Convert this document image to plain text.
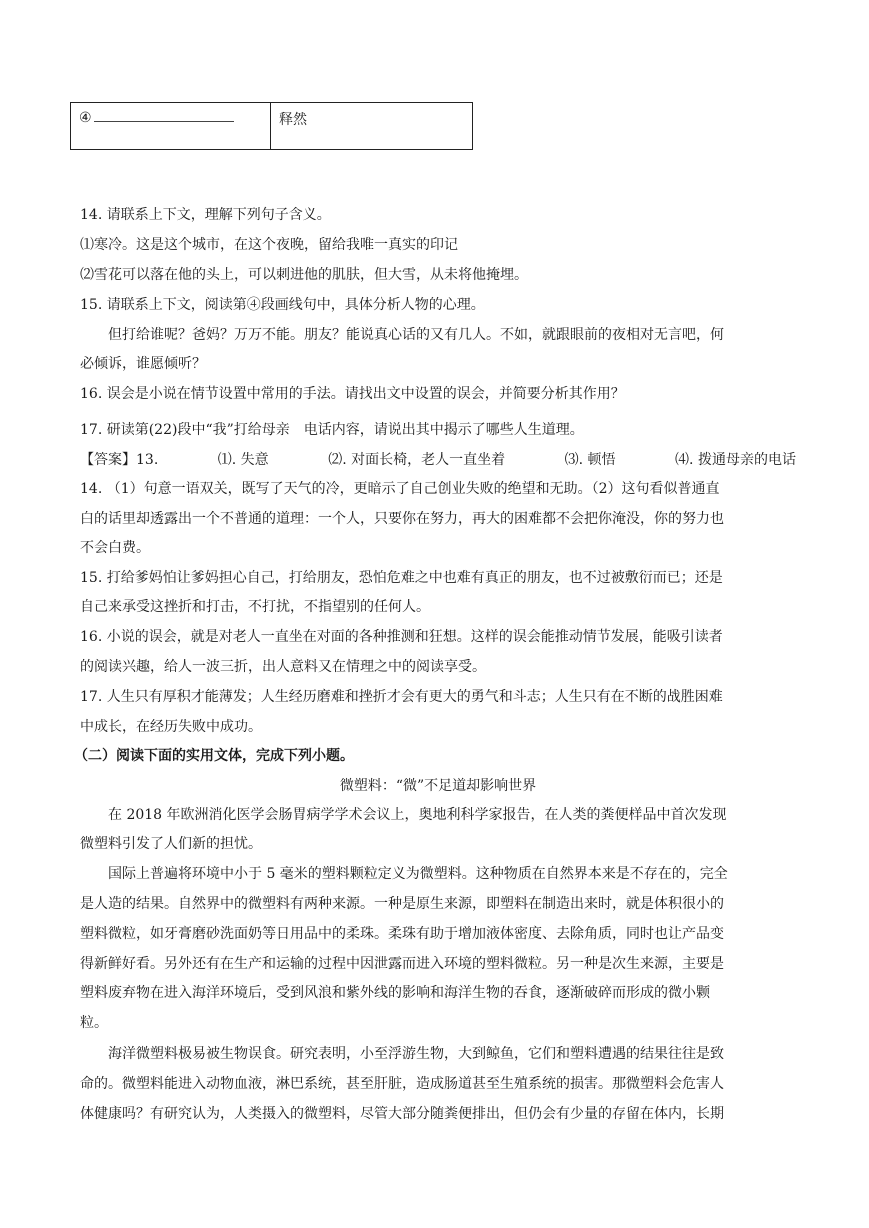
④	释然
14. 请联系上下文，理解下列句子含义。
⑴寒冷。这是这个城市，在这个夜晚，留给我唯一真实的印记
⑵雪花可以落在他的头上，可以刺进他的肌肤，但大雪，从未将他掩埋。
15. 请联系上下文，阅读第④段画线句中，具体分析人物的心理。
但打给谁呢？爸妈？万万不能。朋友？能说真心话的又有几人。不如，就跟眼前的夜相对无言吧，何
必倾诉，谁愿倾听？
16. 误会是小说在情节设置中常用的手法。请找出文中设置的误会，并简要分析其作用？
17. 研读第(22)段中“我”打给母亲　电话内容，请说出其中揭示了哪些人生道理。
【答案】13.	⑴. 失意	⑵. 对面长椅，老人一直坐着	⑶. 顿悟	⑷. 拨通母亲的电话
14. （1）句意一语双关，既写了天气的冷，更暗示了自己创业失败的绝望和无助。（2）这句看似普通直
白的话里却透露出一个不普通的道理：一个人，只要你在努力，再大的困难都不会把你淹没，你的努力也
不会白费。
15. 打给爹妈怕让爹妈担心自己，打给朋友，恐怕危难之中也难有真正的朋友，也不过被敷衍而已；还是
自己来承受这挫折和打击，不打扰，不指望别的任何人。
16. 小说的误会，就是对老人一直坐在对面的各种推测和狂想。这样的误会能推动情节发展，能吸引读者
的阅读兴趣，给人一波三折，出人意料又在情理之中的阅读享受。
17. 人生只有厚积才能薄发；人生经历磨难和挫折才会有更大的勇气和斗志；人生只有在不断的战胜困难
中成长，在经历失败中成功。
（二）阅读下面的实用文体，完成下列小题。
微塑料：“微”不足道却影响世界
在 2018 年欧洲消化医学会肠胃病学学术会议上，奥地利科学家报告，在人类的粪便样品中首次发现
微塑料引发了人们新的担忧。
国际上普遍将环境中小于 5 毫米的塑料颗粒定义为微塑料。这种物质在自然界本来是不存在的，完全
是人造的结果。自然界中的微塑料有两种来源。一种是原生来源，即塑料在制造出来时，就是体积很小的
塑料微粒，如牙膏磨砂洗面奶等日用品中的柔珠。柔珠有助于增加液体密度、去除角质，同时也让产品变
得新鲜好看。另外还有在生产和运输的过程中因泄露而进入环境的塑料微粒。另一种是次生来源，主要是
塑料废弃物在进入海洋环境后，受到风浪和紫外线的影响和海洋生物的吞食，逐渐破碎而形成的微小颗
粒。
海洋微塑料极易被生物误食。研究表明，小至浮游生物，大到鲸鱼，它们和塑料遭遇的结果往往是致
命的。微塑料能进入动物血液，淋巴系统，甚至肝脏，造成肠道甚至生殖系统的损害。那微塑料会危害人
体健康吗？有研究认为，人类摄入的微塑料，尽管大部分随粪便排出，但仍会有少量的存留在体内，长期
